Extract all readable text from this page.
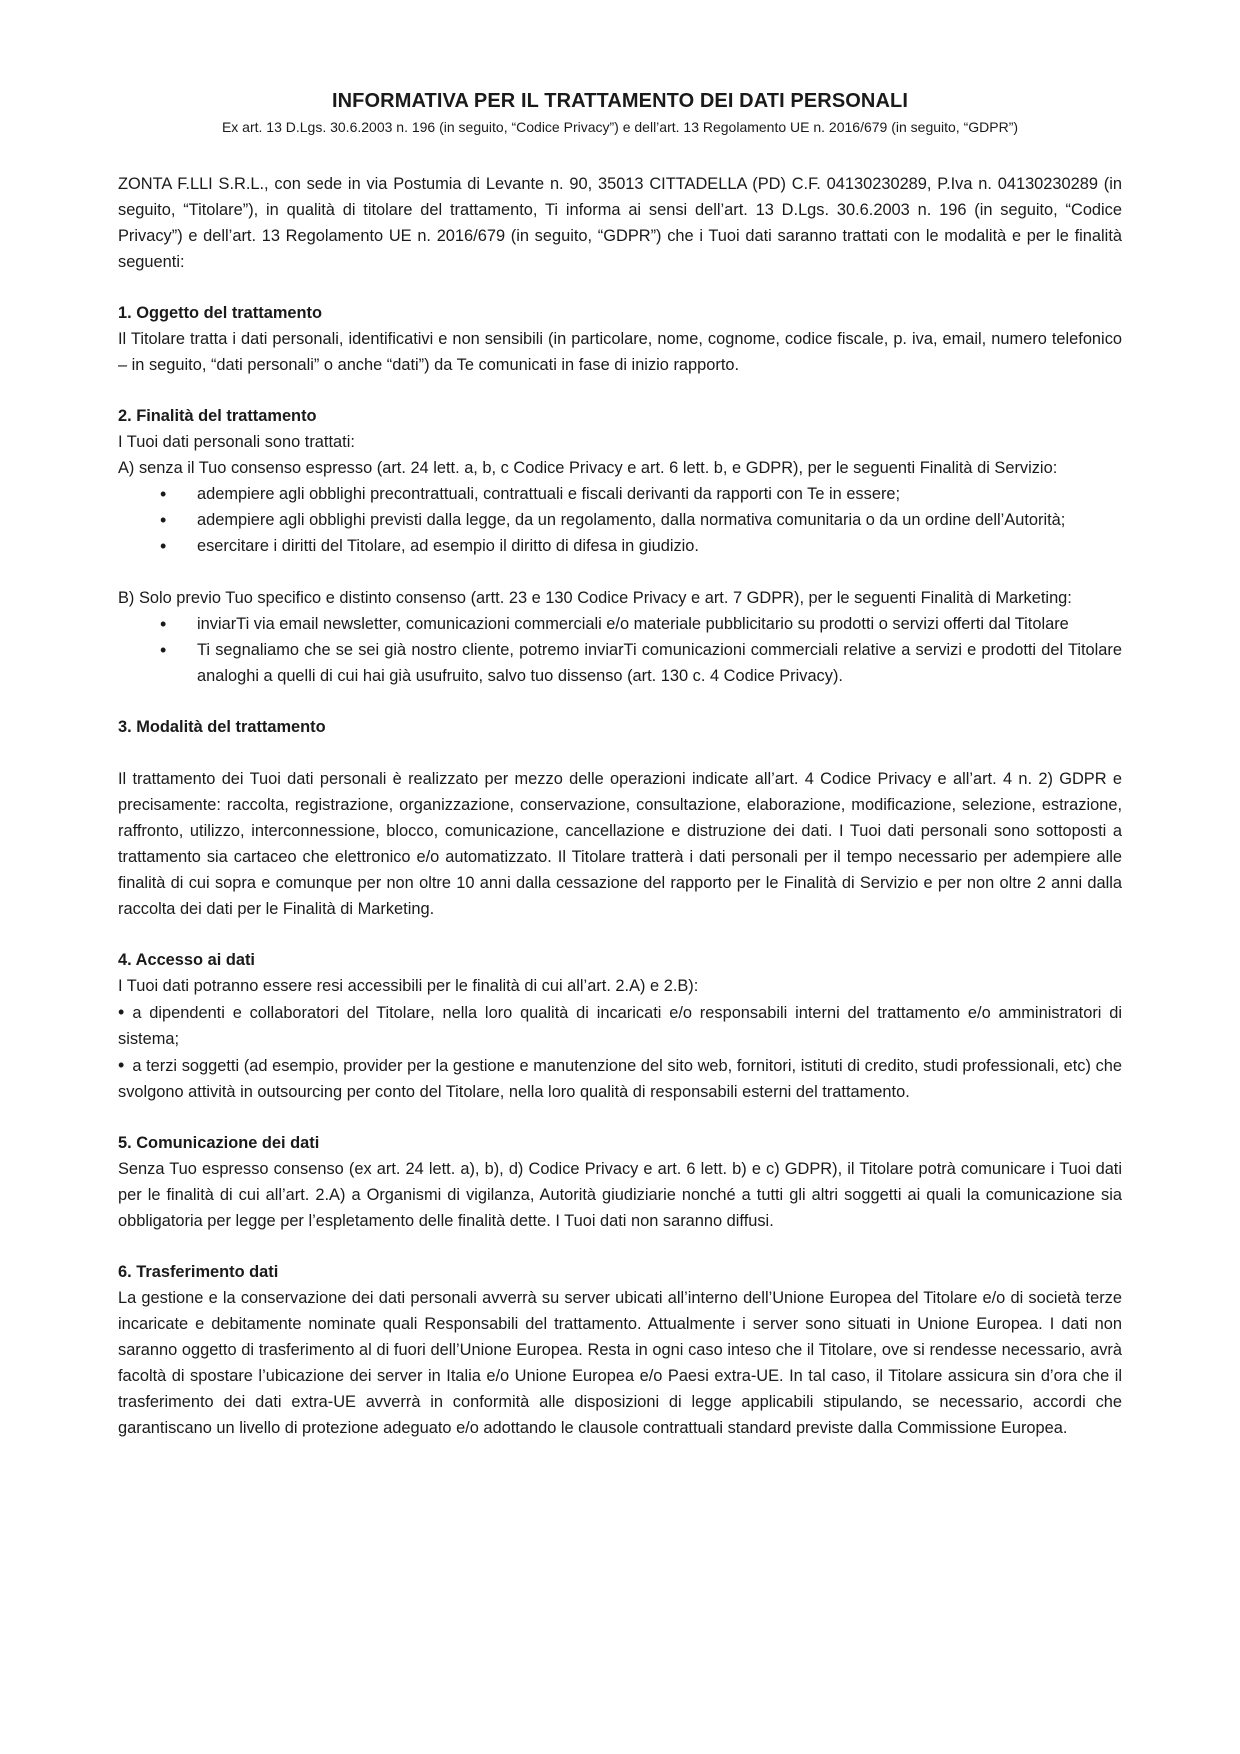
INFORMATIVA PER IL TRATTAMENTO DEI DATI PERSONALI
Ex art. 13 D.Lgs. 30.6.2003 n. 196 (in seguito, “Codice Privacy”) e dell’art. 13 Regolamento UE n. 2016/679 (in seguito, “GDPR”)

ZONTA F.LLI S.R.L., con sede in via Postumia di Levante n. 90, 35013 CITTADELLA (PD) C.F. 04130230289, P.Iva n. 04130230289 (in seguito, “Titolare”), in qualità di titolare del trattamento, Ti informa ai sensi dell’art. 13 D.Lgs. 30.6.2003 n. 196 (in seguito, “Codice Privacy”) e dell’art. 13 Regolamento UE n. 2016/679 (in seguito, “GDPR”) che i Tuoi dati saranno trattati con le modalità e per le finalità seguenti:

1. Oggetto del trattamento

Il Titolare tratta i dati personali, identificativi e non sensibili (in particolare, nome, cognome, codice fiscale, p. iva, email, numero telefonico – in seguito, “dati personali” o anche “dati”) da Te comunicati in fase di inizio rapporto.

2. Finalità del trattamento

I Tuoi dati personali sono trattati:

A) senza il Tuo consenso espresso (art. 24 lett. a, b, c Codice Privacy e art. 6 lett. b, e GDPR), per le seguenti Finalità di Servizio:

• adempiere agli obblighi precontrattuali, contrattuali e fiscali derivanti da rapporti con Te in essere;
• adempiere agli obblighi previsti dalla legge, da un regolamento, dalla normativa comunitaria o da un ordine dell’Autorità;
• esercitare i diritti del Titolare, ad esempio il diritto di difesa in giudizio.

B) Solo previo Tuo specifico e distinto consenso (artt. 23 e 130 Codice Privacy e art. 7 GDPR), per le seguenti Finalità di Marketing:

• inviarTi via email newsletter, comunicazioni commerciali e/o materiale pubblicitario su prodotti o servizi offerti dal Titolare
• Ti segnaliamo che se sei già nostro cliente, potremo inviarTi comunicazioni commerciali relative a servizi e prodotti del Titolare analoghi a quelli di cui hai già usufruito, salvo tuo dissenso (art. 130 c. 4 Codice Privacy).
3. Modalità del trattamento

Il trattamento dei Tuoi dati personali è realizzato per mezzo delle operazioni indicate all’art. 4 Codice Privacy e all’art. 4 n. 2) GDPR e precisamente: raccolta, registrazione, organizzazione, conservazione, consultazione, elaborazione, modificazione, selezione, estrazione, raffronto, utilizzo, interconnessione, blocco, comunicazione, cancellazione e distruzione dei dati. I Tuoi dati personali sono sottoposti a trattamento sia cartaceo che elettronico e/o automatizzato. Il Titolare tratterà i dati personali per il tempo necessario per adempiere alle finalità di cui sopra e comunque per non oltre 10 anni dalla cessazione del rapporto per le Finalità di Servizio e per non oltre 2 anni dalla raccolta dei dati per le Finalità di Marketing.

4. Accesso ai dati

I Tuoi dati potranno essere resi accessibili per le finalità di cui all’art. 2.A) e 2.B):

• a dipendenti e collaboratori del Titolare, nella loro qualità di incaricati e/o responsabili interni del trattamento e/o amministratori di sistema;

• a terzi soggetti (ad esempio, provider per la gestione e manutenzione del sito web, fornitori, istituti di credito, studi professionali, etc) che svolgono attività in outsourcing per conto del Titolare, nella loro qualità di responsabili esterni del trattamento.

5. Comunicazione dei dati

Senza Tuo espresso consenso (ex art. 24 lett. a), b), d) Codice Privacy e art. 6 lett. b) e c) GDPR), il Titolare potrà comunicare i Tuoi dati per le finalità di cui all’art. 2.A) a Organismi di vigilanza, Autorità giudiziarie nonché a tutti gli altri soggetti ai quali la comunicazione sia obbligatoria per legge per l’espletamento delle finalità dette. I Tuoi dati non saranno diffusi.

6. Trasferimento dati

La gestione e la conservazione dei dati personali avverrà su server ubicati all’interno dell’Unione Europea del Titolare e/o di società terze incaricate e debitamente nominate quali Responsabili del trattamento. Attualmente i server sono situati in Unione Europea. I dati non saranno oggetto di trasferimento al di fuori dell’Unione Europea. Resta in ogni caso inteso che il Titolare, ove si rendesse necessario, avrà facoltà di spostare l’ubicazione dei server in Italia e/o Unione Europea e/o Paesi extra-UE. In tal caso, il Titolare assicura sin d’ora che il trasferimento dei dati extra-UE avverrà in conformità alle disposizioni di legge applicabili stipulando, se necessario, accordi che garantiscano un livello di protezione adeguato e/o adottando le clausole contrattuali standard previste dalla Commissione Europea.
